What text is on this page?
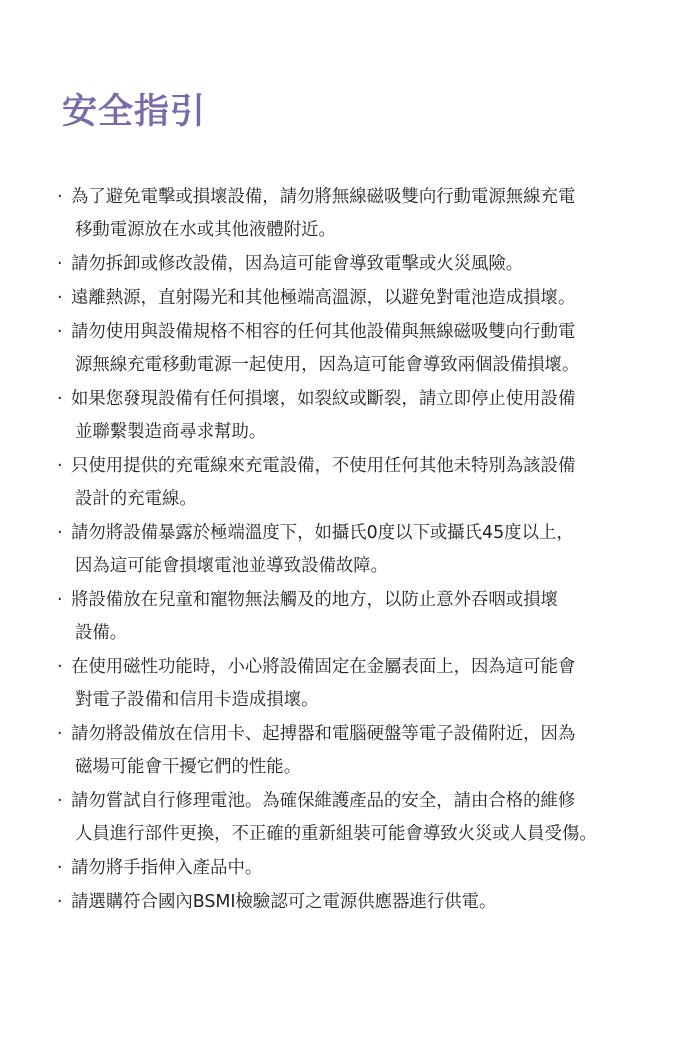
安全指引
· 為了避免電擊或損壞設備，請勿將無線磁吸雙向行動電源無線充電
移動電源放在水或其他液體附近。
· 請勿拆卸或修改設備，因為這可能會導致電擊或火災風險。
· 遠離熱源，直射陽光和其他極端高溫源，以避免對電池造成損壞。
· 請勿使用與設備規格不相容的任何其他設備與無線磁吸雙向行動電
源無線充電移動電源一起使用，因為這可能會導致兩個設備損壞。
· 如果您發現設備有任何損壞，如裂紋或斷裂，請立即停止使用設備
並聯繫製造商尋求幫助。
· 只使用提供的充電線來充電設備，不使用任何其他未特別為該設備
設計的充電線。
· 請勿將設備暴露於極端溫度下，如攝氏0度以下或攝氏45度以上，
因為這可能會損壞電池並導致設備故障。
· 將設備放在兒童和寵物無法觸及的地方，以防止意外吞咽或損壞
設備。
· 在使用磁性功能時，小心將設備固定在金屬表面上，因為這可能會
對電子設備和信用卡造成損壞。
· 請勿將設備放在信用卡、起搏器和電腦硬盤等電子設備附近，因為
磁場可能會干擾它們的性能。
· 請勿嘗試自行修理電池。為確保維護產品的安全，請由合格的維修
人員進行部件更換，不正確的重新組裝可能會導致火災或人員受傷。
· 請勿將手指伸入產品中。
· 請選購符合國內BSMI檢驗認可之電源供應器進行供電。
